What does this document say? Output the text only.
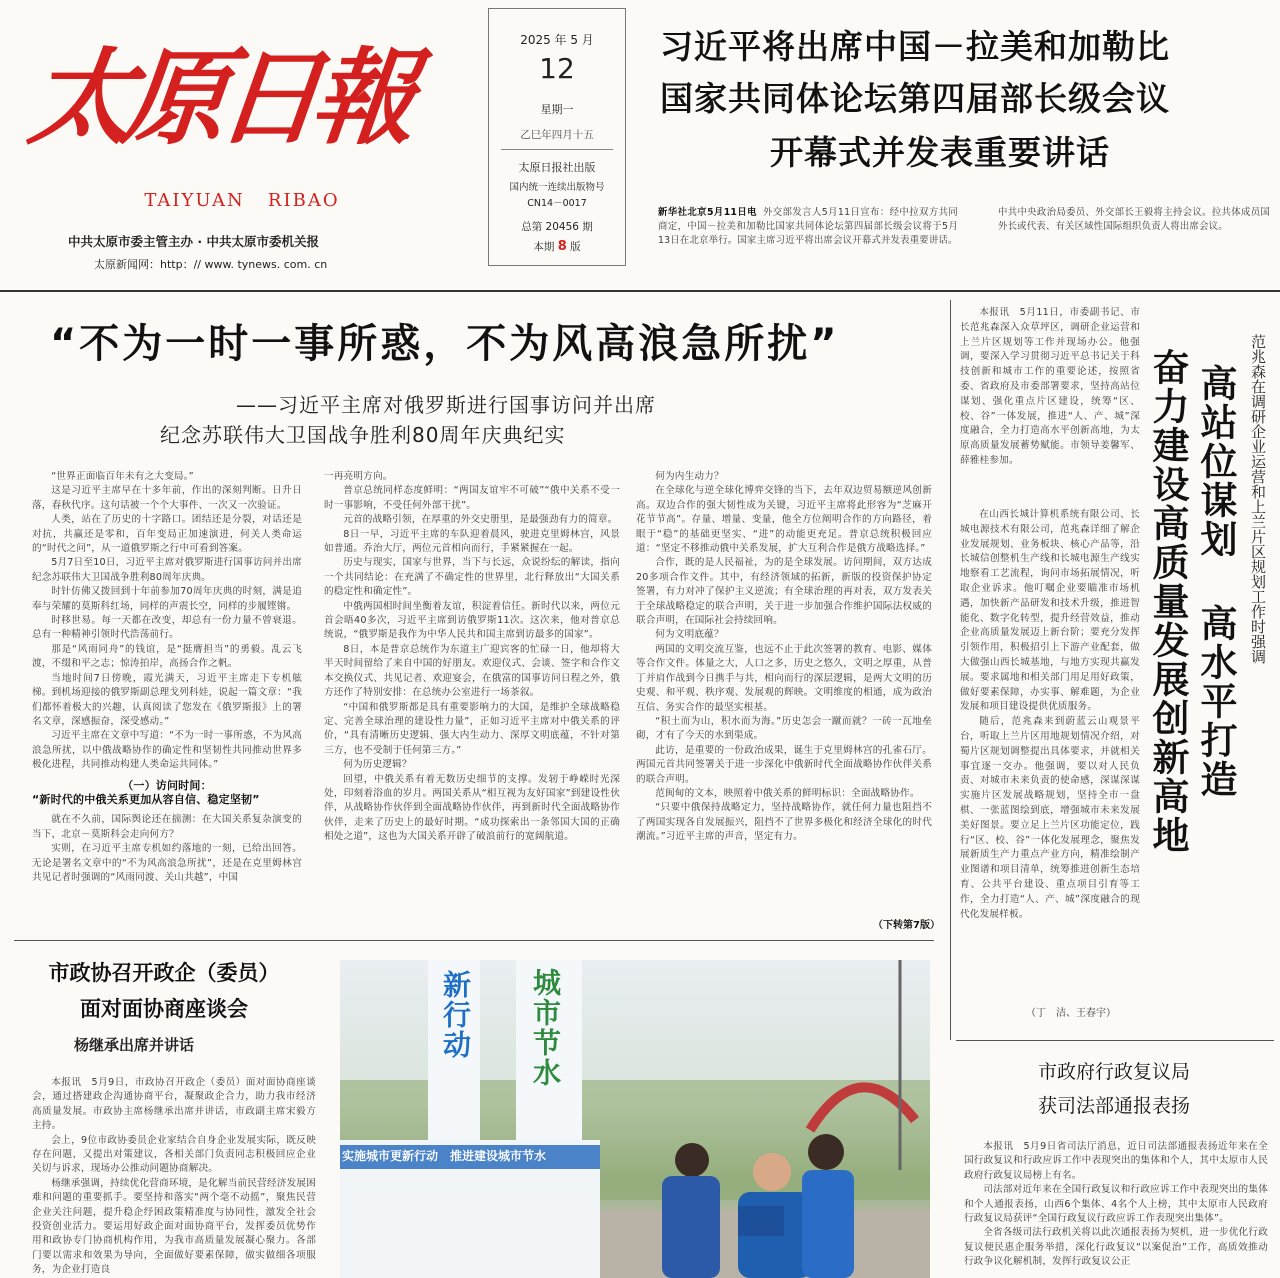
太原日報
TAIYUAN   RIBAO
中共太原市委主管主办 · 中共太原市委机关报
太原新闻网：http：// www. tynews. com. cn
2025 年 5 月
12
星期一
乙巳年四月十五
太原日报社出版
国内统一连续出版物号
CN14－0017
总第 20456 期
本期 8 版
习近平将出席中国－拉美和加勒比
国家共同体论坛第四届部长级会议
开幕式并发表重要讲话
新华社北京5月11日电 外交部发言人5月11日宣布：经中拉双方共同商定，中国－拉美和加勒比国家共同体论坛第四届部长级会议将于5月13日在北京举行。国家主席习近平将出席会议开幕式并发表重要讲话。
中共中央政治局委员、外交部长王毅将主持会议。拉共体成员国外长或代表、有关区域性国际组织负责人将出席会议。
“不为一时一事所惑，不为风高浪急所扰”
——习近平主席对俄罗斯进行国事访问并出席
纪念苏联伟大卫国战争胜利80周年庆典纪实

“世界正面临百年未有之大变局。”

这是习近平主席早在十多年前，作出的深刻判断。日升日落，春秋代序。这句话被一个个大事件、一次又一次验证。

人类，站在了历史的十字路口。团结还是分裂，对话还是对抗，共赢还是零和，百年变局正加速演进，何关人类命运的“时代之问”，从一道俄罗斯之行中可看到答案。

5月7日至10日，习近平主席对俄罗斯进行国事访问并出席纪念苏联伟大卫国战争胜利80周年庆典。

时针仿佛又拨回到十年前参加70周年庆典的时刻，满是追奉与荣耀的莫斯科红场，同样的声震长空，同样的步履铿锵。

时移世易。每一天都在改变，却总有一份力量不曾衰退。总有一种精神引领时代浩荡前行。

那是“风雨同舟”的钱谊，是“挺膺担当”的勇毅。乱云飞渡，不缀和平之志；惊涛拍岸，高扬合作之帆。

当地时间7日傍晚，霞光满天，习近平主席走下专机舷梯。到机场迎接的俄罗斯副总理戈列科娃，说起一篇文章：“我们都怀着极大的兴趣，认真阅读了您发在《俄罗斯报》上的署名文章，深感振奋，深受感动。”

习近平主席在文章中写道：“不为一时一事所惑，不为风高浪急所扰，以中俄战略协作的确定性和坚韧性共同推动世界多极化进程，共同推动构建人类命运共同体。”

（一）访问时间：
“新时代的中俄关系更加从容自信、稳定坚韧”

就在不久前，国际舆论还在揣测：在大国关系复杂演变的当下，北京－莫斯科会走向何方？

实则，在习近平主席专机如约落地的一刻，已给出回答。无论是署名文章中的“不为风高浪急所扰”，还是在克里姆林宫共见记者时强调的“风雨同渡、关山共越”，中国

一再亮明方向。

普京总统同样态度鲜明：“两国友谊牢不可破”“俄中关系不受一时一事影响，不受任何外部干扰”。

元首的战略引领，在厚重的外交史册里，是最强劲有力的简章。

8日一早，习近平主席的车队迎着晨风，驶进克里姆林宫，风景如普通。乔治大厅，两位元首相向而行，手紧紧握在一起。

历史与现实，国家与世界，当下与长远，众说纷纭的解读，指向一个共同结论：在充满了不确定性的世界里，北行释放出“大国关系的稳定性和确定性”。

中俄两国相时间坐衡着友谊，积淀着信任。新时代以来，两位元首会晤40多次，习近平主席到访俄罗斯11次。这次来，他对普京总统说，“俄罗斯是我作为中华人民共和国主席到访最多的国家”。

8日，本是普京总统作为东道主广迎宾客的忙碌一日，他却将大半天时间留给了来自中国的好朋友。欢迎仪式、会谈、签字和合作文本交换仪式、共见记者、欢迎宴会，在俄富的国事访问日程之外，俄方还作了特别安排：在总统办公室进行一场茶叙。

“中国和俄罗斯都是具有重要影响力的大国，是维护全球战略稳定、完善全球治理的建设性力量”，正如习近平主席对中俄关系的评价，“具有清晰历史逻辑、强大内生动力、深厚文明底蕴，不针对第三方，也不受制于任何第三方。”

何为历史逻辑？

回望，中俄关系有着无数历史细节的支撑。发轫于峥嵘时光深处，印刻着浴血的岁月。两国关系从“相互视为友好国家”到建设性伙伴，从战略协作伙伴到全面战略协作伙伴，再到新时代全面战略协作伙伴，走来了历史上的最好时期。“成功探索出一条邻国大国的正确相处之道”，这也为大国关系开辟了破浪前行的宽阔航道。

何为内生动力？

在全球化与逆全球化博弈交锋的当下，去年双边贸易额逆风创新高。双边合作的强大韧性成为关键，习近平主席将此形容为“芝麻开花节节高”。存量、增量、变量，他全方位阐明合作的方向路径，着眼于“稳”的基础更坚实、“进”的动能更充足。普京总统积极回应道：“坚定不移推动俄中关系发展，扩大互利合作是俄方战略选择。”

合作，既的是人民福祉，为的是全球发展。访问期间，双方达成20多项合作文件。其中，有经济领域的拓新，新版的投资保护协定签署，有力对冲了保护主义逆流；有全球治理的再对表，双方发表关于全球战略稳定的联合声明，关于进一步加强合作维护国际法权威的联合声明，在国际社会持续回响。

何为文明底蕴？

两国的文明交流互鉴，也远不止于此次签署的教育、电影、媒体等合作文件。体量之大，人口之多，历史之悠久，文明之厚重，从普丁并肩作战到今日携手与共，相向而行的深层逻辑，是两大文明的历史观、和平观、秩序观、发展观的辉映。文明维度的相通，成为政治互信、务实合作的最坚实根基。

“积土而为山，积水而为海。”历史怎会一蹴而就？一砖一瓦地垒砌，才有了今天的水到渠成。

此访，是重要的一份政治成果，诞生于克里姆林宫的孔雀石厅。两国元首共同签署关于进一步深化中俄新时代全面战略协作伙伴关系的联合声明。

范闽甸的文本，映照着中俄关系的鲜明标识：全面战略协作。

“只要中俄保持战略定力，坚持战略协作，就任何力量也阻挡不了两国实现各自发展振兴，阻挡不了世界多极化和经济全球化的时代潮流。”习近平主席的声音，坚定有力。

（下转第7版）

本报讯　5月11日，市委副书记、市长范兆森深入众草坪区，调研企业运营和上兰片区规划等工作并现场办公。他强调，要深入学习贯彻习近平总书记关于科技创新和城市工作的重要论述，按照省委、省政府及市委部署要求，坚持高站位谋划、强化重点片区建设，统筹“区、校、谷”一体发展，推进“人、产、城”深度融合，全力打造高水平创新高地，为太原高质量发展蓄势赋能。市领导姜馨军、薛雅桂参加。

在山西长城计算机系统有限公司、长城电源技术有限公司，范兆森详细了解企业发展规划、业务板块、核心产品等，沿长城信创整机生产线和长城电源生产线实地察看工艺流程，询问市场拓展情况，听取企业诉求。他叮嘱企业要瞄准市场机遇，加快新产品研发和技术升级，推进智能化、数字化转型，提升经营效益，推动企业高质量发展迈上新台阶；要充分发挥引领作用，积极招引上下游产业配套，做大做强山西长城基地，与地方实现共赢发展。要求属地和相关部门用足用好政策，做好要素保障，办实事、解难题，为企业发展和项目建设提供优质服务。

随后，范兆森来到蔚蓝云山观景平台，听取上兰片区用地规划情况介绍，对蜀片区规划调整提出具体要求，并就相关事宜逐一交办。他强调，要以对人民负责、对城市未来负责的使命感，深谋深谋实施片区发展战略规划，坚持全市一盘棋、一张蓝图绘到底，增强城市未来发展美好图景。要立足上兰片区功能定位，践行“区、校、谷”一体化发展理念，聚焦发展新质生产力重点产业方向，精准绘制产业图谱和项目清单，统筹推进创新生态培育、公共平台建设、重点项目引育等工作，全力打造“人、产、城”深度融合的现代化发展样板。

（丁　洁、王春宇）
奋力建设高质量发展创新高地 高站位谋划 高水平打造 范兆森在调研企业运营和上兰片区规划工作时强调
市政协召开政企（委员）
面对面协商座谈会
杨继承出席并讲话

本报讯　5月9日，市政协召开政企（委员）面对面协商座谈会，通过搭建政企沟通协商平台，凝聚政企合力，助力我市经济高质量发展。市政协主席杨继承出席并讲话，市政副主席宋毅方主持。

会上，9位市政协委员企业家结合自身企业发展实际，既反映存在问题，又提出对策建议，各相关部门负责同志积极回应企业关切与诉求，现场办公推动问题协商解决。

杨继承强调，持续优化营商环境，是化解当前民营经济发展困难和问题的重要抓手。要坚持和落实“两个毫不动摇”，聚焦民营企业关注问题，提升稳企纾困政策精准度与协同性，激发全社会投资创业活力。要运用好政企面对面协商平台，发挥委员优势作用和政协专门协商机构作用，为我市高质量发展凝心聚力。各部门要以需求和效果为导向，全面做好要素保障，做实做细各项服务，为企业打造良

新行动 城市节水
实施城市更新行动　推进建设城市节水
市政府行政复议局
获司法部通报表扬

本报讯　5月9日省司法厅消息，近日司法部通报表扬近年来在全国行政复议和行政应诉工作中表现突出的集体和个人，其中太原市人民政府行政复议局榜上有名。

司法部对近年来在全国行政复议和行政应诉工作中表现突出的集体和个人通报表扬，山西6个集体、4名个人上榜，其中太原市人民政府行政复议局获评“全国行政复议行政应诉工作表现突出集体”。

全省各级司法行政机关将以此次通报表扬为契机，进一步优化行政复议便民惠企服务举措，深化行政复议“以案促治”工作，高质效推动行政争议化解机制，发挥行政复议公正
